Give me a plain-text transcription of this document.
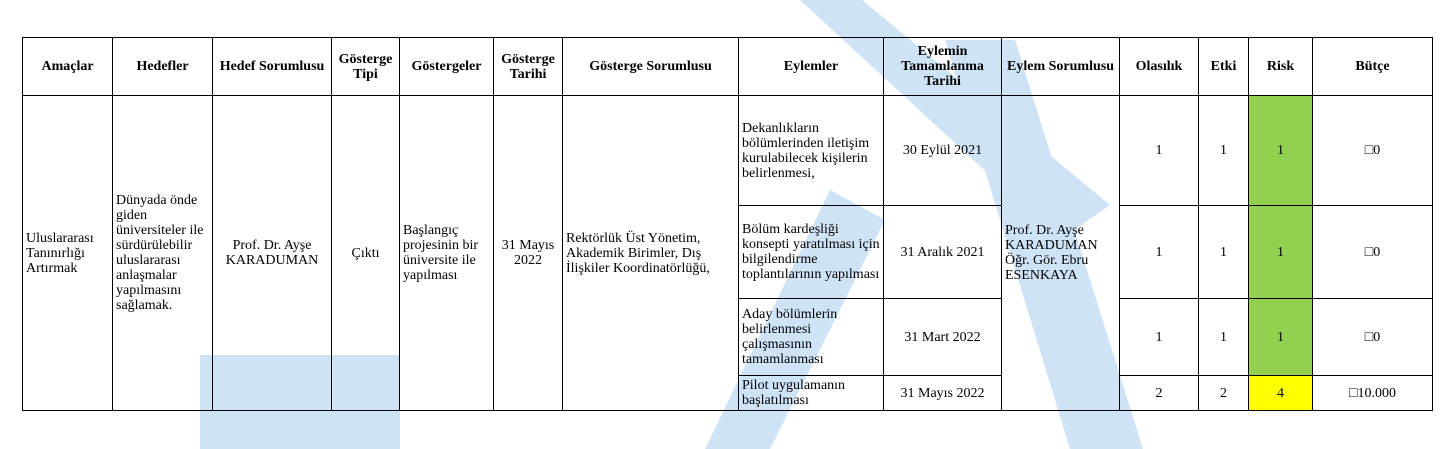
Amaçlar	Hedefler	Hedef Sorumlusu	Gösterge Tipi	Göstergeler	Gösterge Tarihi	Gösterge Sorumlusu	Eylemler	Eylemin Tamamlanma Tarihi	Eylem Sorumlusu	Olasılık	Etki	Risk	Bütçe
Uluslararası Tanınırlığı Artırmak	Dünyada önde giden üniversiteler ile sürdürülebilir uluslararası anlaşmalar yapılmasını sağlamak.	Prof. Dr. Ayşe KARADUMAN	Çıktı	Başlangıç projesinin bir üniversite ile yapılması	31 Mayıs 2022	Rektörlük Üst Yönetim, Akademik Birimler, Dış İlişkiler Koordinatörlüğü,	Dekanlıkların bölümlerinden iletişim kurulabilecek kişilerin belirlenmesi,	30 Eylül 2021	Prof. Dr. Ayşe KARADUMAN Öğr. Gör. Ebru ESENKAYA	1	1	1	□0
							Bölüm kardeşliği konsepti yaratılması için bilgilendirme toplantılarının yapılması	31 Aralık 2021		1	1	1	□0
							Aday bölümlerin belirlenmesi çalışmasının tamamlanması	31 Mart 2022		1	1	1	□0
							Pilot uygulamanın başlatılması	31 Mayıs 2022		2	2	4	□10.000
